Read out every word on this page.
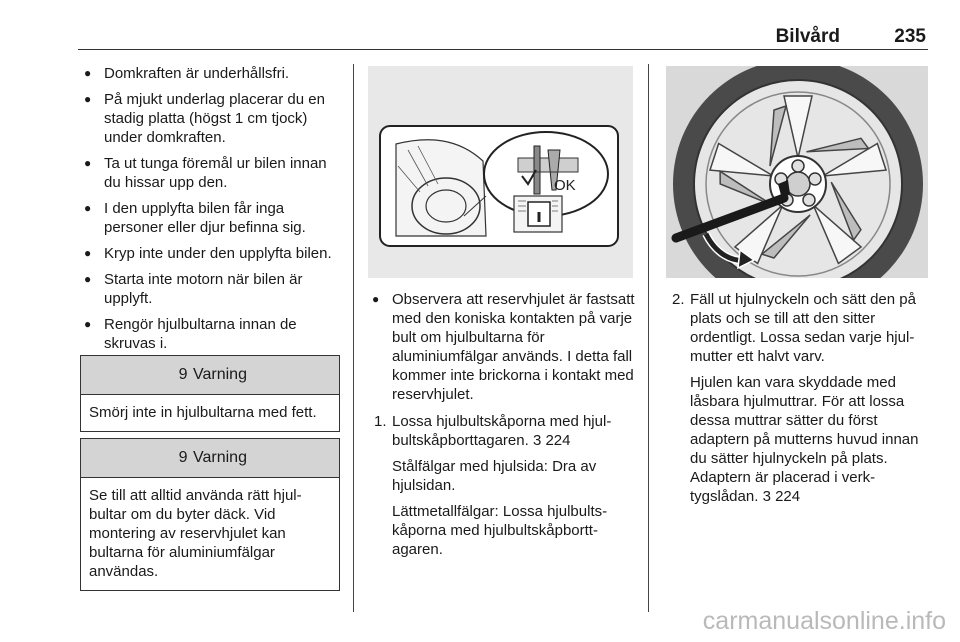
Bilvård	235
● Domkraften är underhållsfri.
● På mjukt underlag placerar du en stadig platta (högst 1 cm tjock) under domkraften.
● Ta ut tunga föremål ur bilen innan du hissar upp den.
● I den upplyfta bilen får inga personer eller djur befinna sig.
● Kryp inte under den upplyfta bilen.
● Starta inte motorn när bilen är upplyft.
● Rengör hjulbultarna innan de skruvas i.
9 Varning
Smörj inte in hjulbultarna med fett.
9 Varning
Se till att alltid använda rätt hjulbultar om du byter däck. Vid montering av reservhjulet kan bultarna för aluminiumfälgar användas.
OK
● Observera att reservhjulet är fastsatt med den koniska kontakten på varje bult om hjulbultarna för aluminiumfälgar används. I detta fall kommer inte brickorna i kontakt med reservhjulet.
1. Lossa hjulbultskåporna med hjulbultskåpborttagaren. 3 224

Stålfälgar med hjulsida: Dra av hjulsidan.

Lättmetallfälgar: Lossa hjulbultskåporna med hjulbultskåpborttagaren.

2. Fäll ut hjulnyckeln och sätt den på plats och se till att den sitter ordentligt. Lossa sedan varje hjulmutter ett halvt varv.

Hjulen kan vara skyddade med låsbara hjulmuttrar. För att lossa dessa muttrar sätter du först adaptern på mutterns huvud innan du sätter hjulnyckeln på plats. Adaptern är placerad i verktygslådan. 3 224

carmanualsonline.info
